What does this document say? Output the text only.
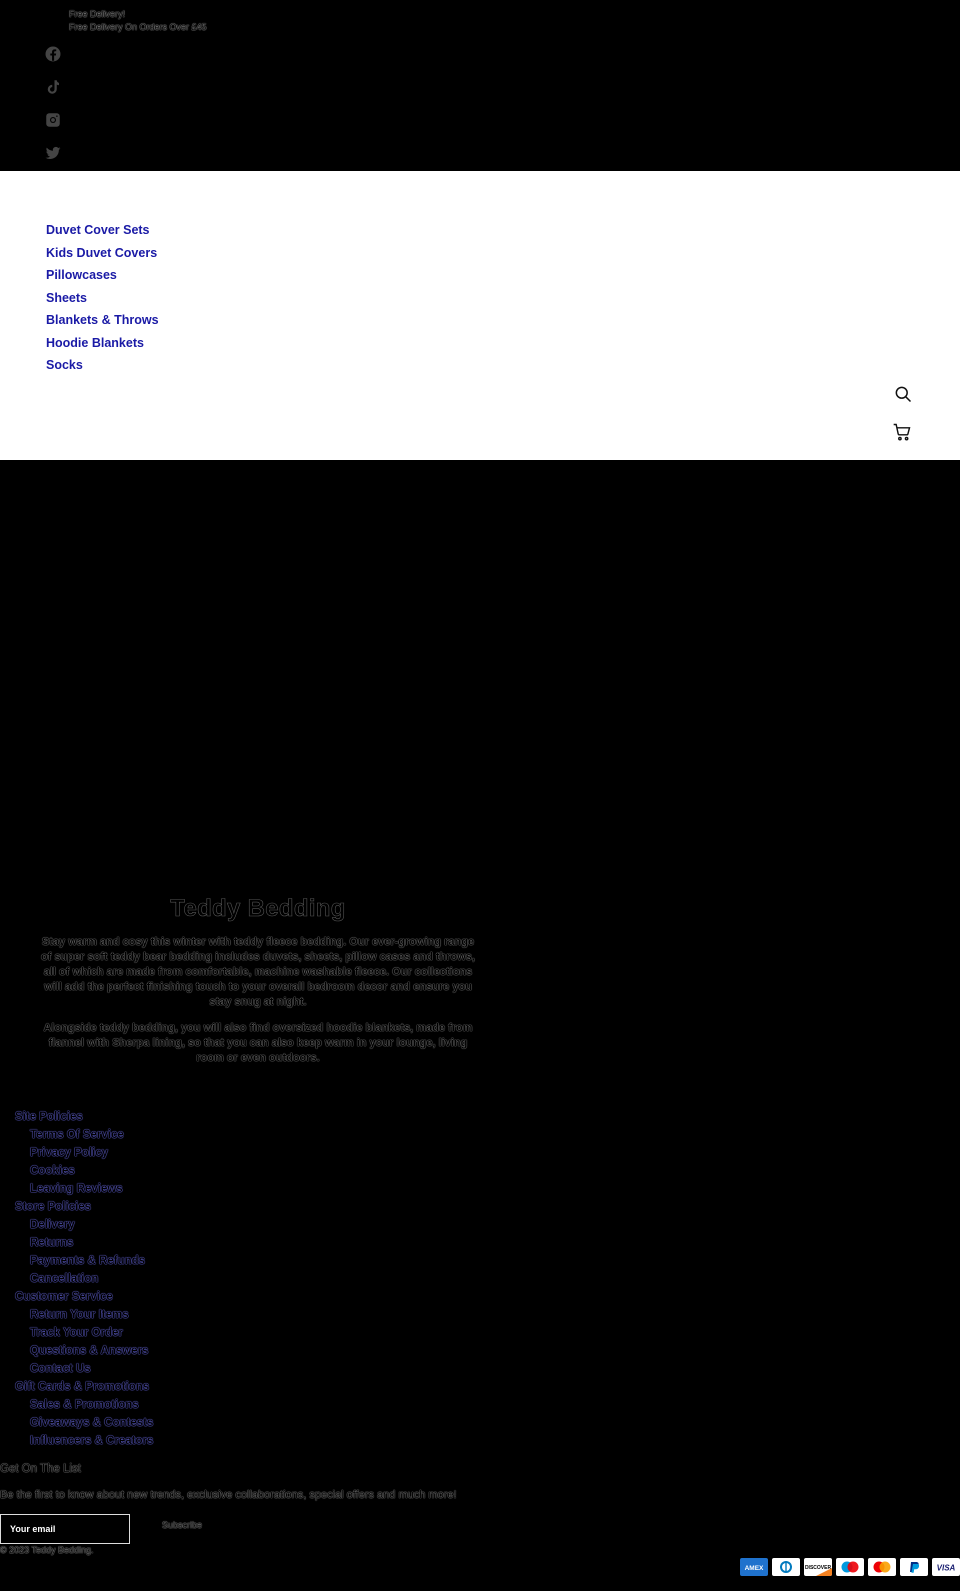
Free Delivery!
Free Delivery On Orders Over £45
Duvet Cover Sets
Kids Duvet Covers
Pillowcases
Sheets
Blankets & Throws
Hoodie Blankets
Socks
Teddy Bedding

Stay warm and cosy this winter with teddy fleece bedding. Our ever-growing range of super soft teddy bear bedding includes duvets, sheets, pillow cases and throws, all of which are made from comfortable, machine washable fleece. Our collections will add the perfect finishing touch to your overall bedroom decor and ensure you stay snug at night.

Alongside teddy bedding, you will also find oversized hoodie blankets, made from flannel with Sherpa lining, so that you can also keep warm in your lounge, living room or even outdoors.

Site Policies
Terms Of Service
Privacy Policy
Cookies
Leaving Reviews
Store Policies
Delivery
Returns
Payments & Refunds
Cancellation
Customer Service
Return Your Items
Track Your Order
Questions & Answers
Contact Us
Gift Cards & Promotions
Sales & Promotions
Giveaways & Contests
Influencers & Creators
Get On The List
Be the first to know about new trends, exclusive collaborations, special offers and much more!
Your email
Subscribe
© 2023 Teddy Bedding.
AMEX
Diners
DISCOVER
Maestro	Mastercard	PayPal
VISA
